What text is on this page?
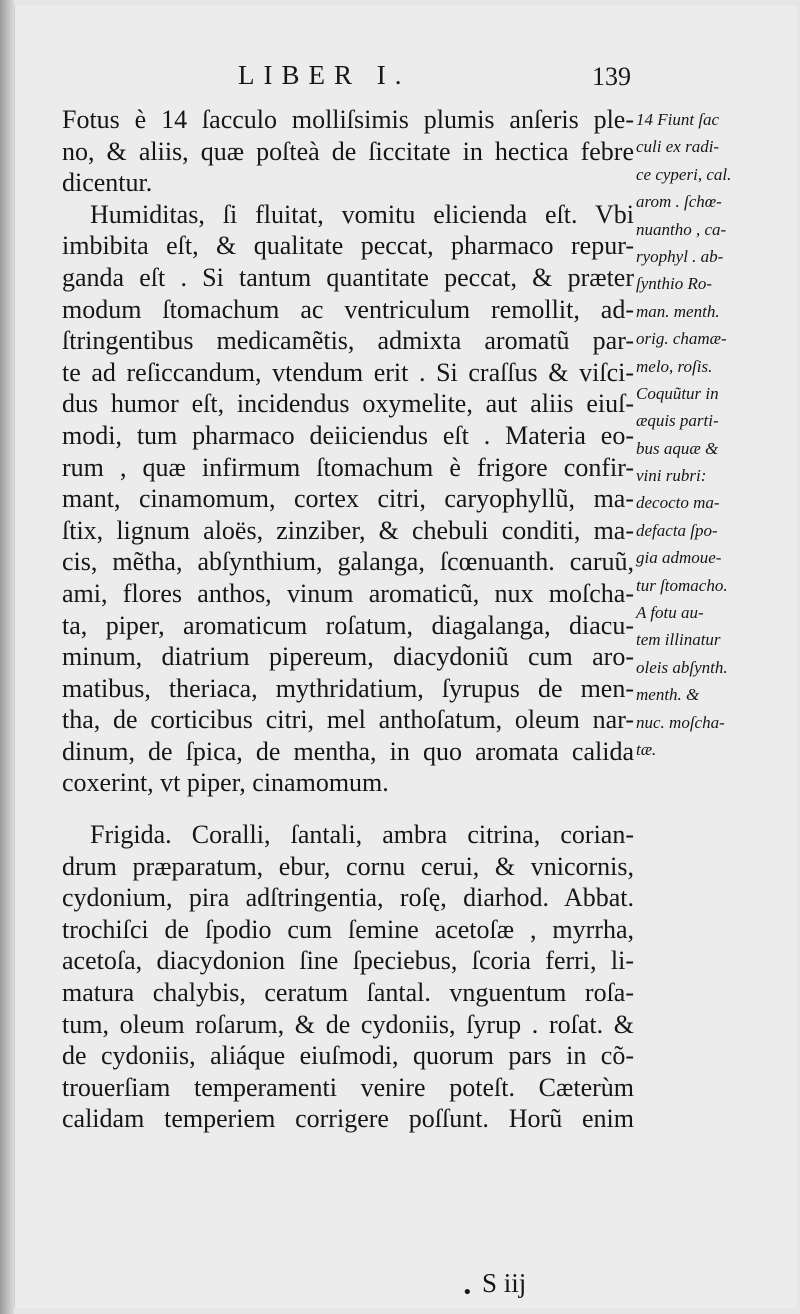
LIBER I.	139
Fotus è 14 ſacculo molliſsimis plumis anſeris ple-
no, & aliis, quæ poſteà de ſiccitate in hectica febre
dicentur.
Humiditas, ſi fluitat, vomitu elicienda eſt. Vbi
imbibita eſt, & qualitate peccat, pharmaco repur-
ganda eſt . Si tantum quantitate peccat, & præter
modum ſtomachum ac ventriculum remollit, ad-
ſtringentibus medicamẽtis, admixta aromatũ par-
te ad reſiccandum, vtendum erit . Si craſſus & viſci-
dus humor eſt, incidendus oxymelite, aut aliis eiuſ-
modi, tum pharmaco deiiciendus eſt . Materia eo-
rum , quæ infirmum ſtomachum è frigore confir-
mant, cinamomum, cortex citri, caryophyllũ, ma-
ſtix, lignum aloës, zinziber, & chebuli conditi, ma-
cis, mẽtha, abſynthium, galanga, ſcœnuanth. caruũ,
ami, flores anthos, vinum aromaticũ, nux moſcha-
ta, piper, aromaticum roſatum, diagalanga, diacu-
minum, diatrium pipereum, diacydoniũ cum aro-
matibus, theriaca, mythridatium, ſyrupus de men-
tha, de corticibus citri, mel anthoſatum, oleum nar-
dinum, de ſpica, de mentha, in quo aromata calida
coxerint, vt piper, cinamomum.
Frigida. Coralli, ſantali, ambra citrina, corian-
drum præparatum, ebur, cornu cerui, & vnicornis,
cydonium, pira adſtringentia, roſę, diarhod. Abbat.
trochiſci de ſpodio cum ſemine acetoſæ , myrrha,
acetoſa, diacydonion ſine ſpeciebus, ſcoria ferri, li-
matura chalybis, ceratum ſantal. vnguentum roſa-
tum, oleum roſarum, & de cydoniis, ſyrup . roſat. &
de cydoniis, aliáque eiuſmodi, quorum pars in cõ-
trouerſiam temperamenti venire poteſt. Cæterùm
calidam temperiem corrigere poſſunt. Horũ enim
14 Fiunt ſac
culi ex radi-
ce cyperi, cal.
arom . ſchœ-
nuantho , ca-
ryophyl . ab-
ſynthio Ro-
man. menth.
orig. chamæ-
melo, roſis.
Coquũtur in
æquis parti-
bus aquæ &
vini rubri:
decocto ma-
defacta ſpo-
gia admoue-
tur ſtomacho.
A fotu au-
tem illinatur
oleis abſynth.
menth. &
nuc. moſcha-
tæ.
• S iij
